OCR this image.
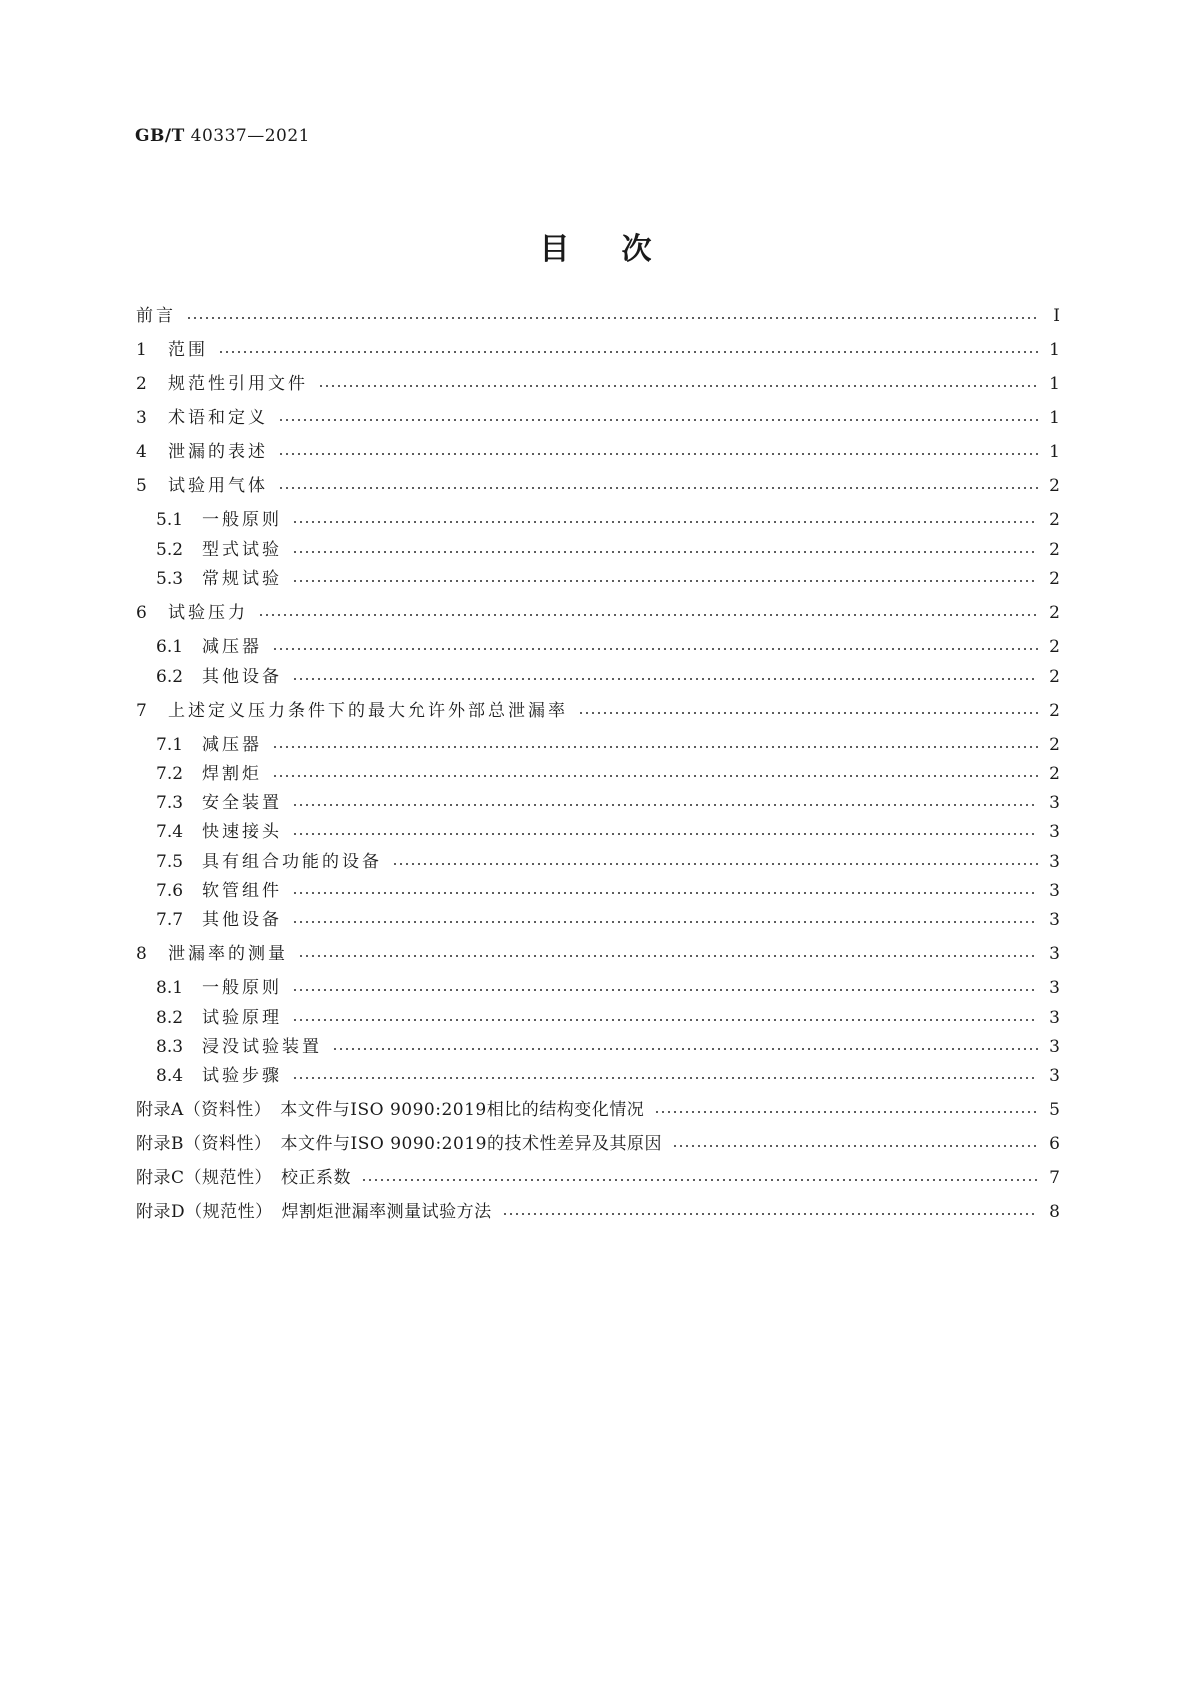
GB/T 40337—2021
目次
前言	Ⅰ
1	范围	1
2	规范性引用文件	1
3	术语和定义	1
4	泄漏的表述	1
5	试验用气体	2
5.1	一般原则	2
5.2	型式试验	2
5.3	常规试验	2
6	试验压力	2
6.1	减压器	2
6.2	其他设备	2
7	上述定义压力条件下的最大允许外部总泄漏率	2
7.1	减压器	2
7.2	焊割炬	2
7.3	安全装置	3
7.4	快速接头	3
7.5	具有组合功能的设备	3
7.6	软管组件	3
7.7	其他设备	3
8	泄漏率的测量	3
8.1	一般原则	3
8.2	试验原理	3
8.3	浸没试验装置	3
8.4	试验步骤	3
附录A（资料性）　本文件与ISO 9090:2019相比的结构变化情况	5
附录B（资料性）　本文件与ISO 9090:2019的技术性差异及其原因	6
附录C（规范性）　校正系数	7
附录D（规范性）　焊割炬泄漏率测量试验方法	8
